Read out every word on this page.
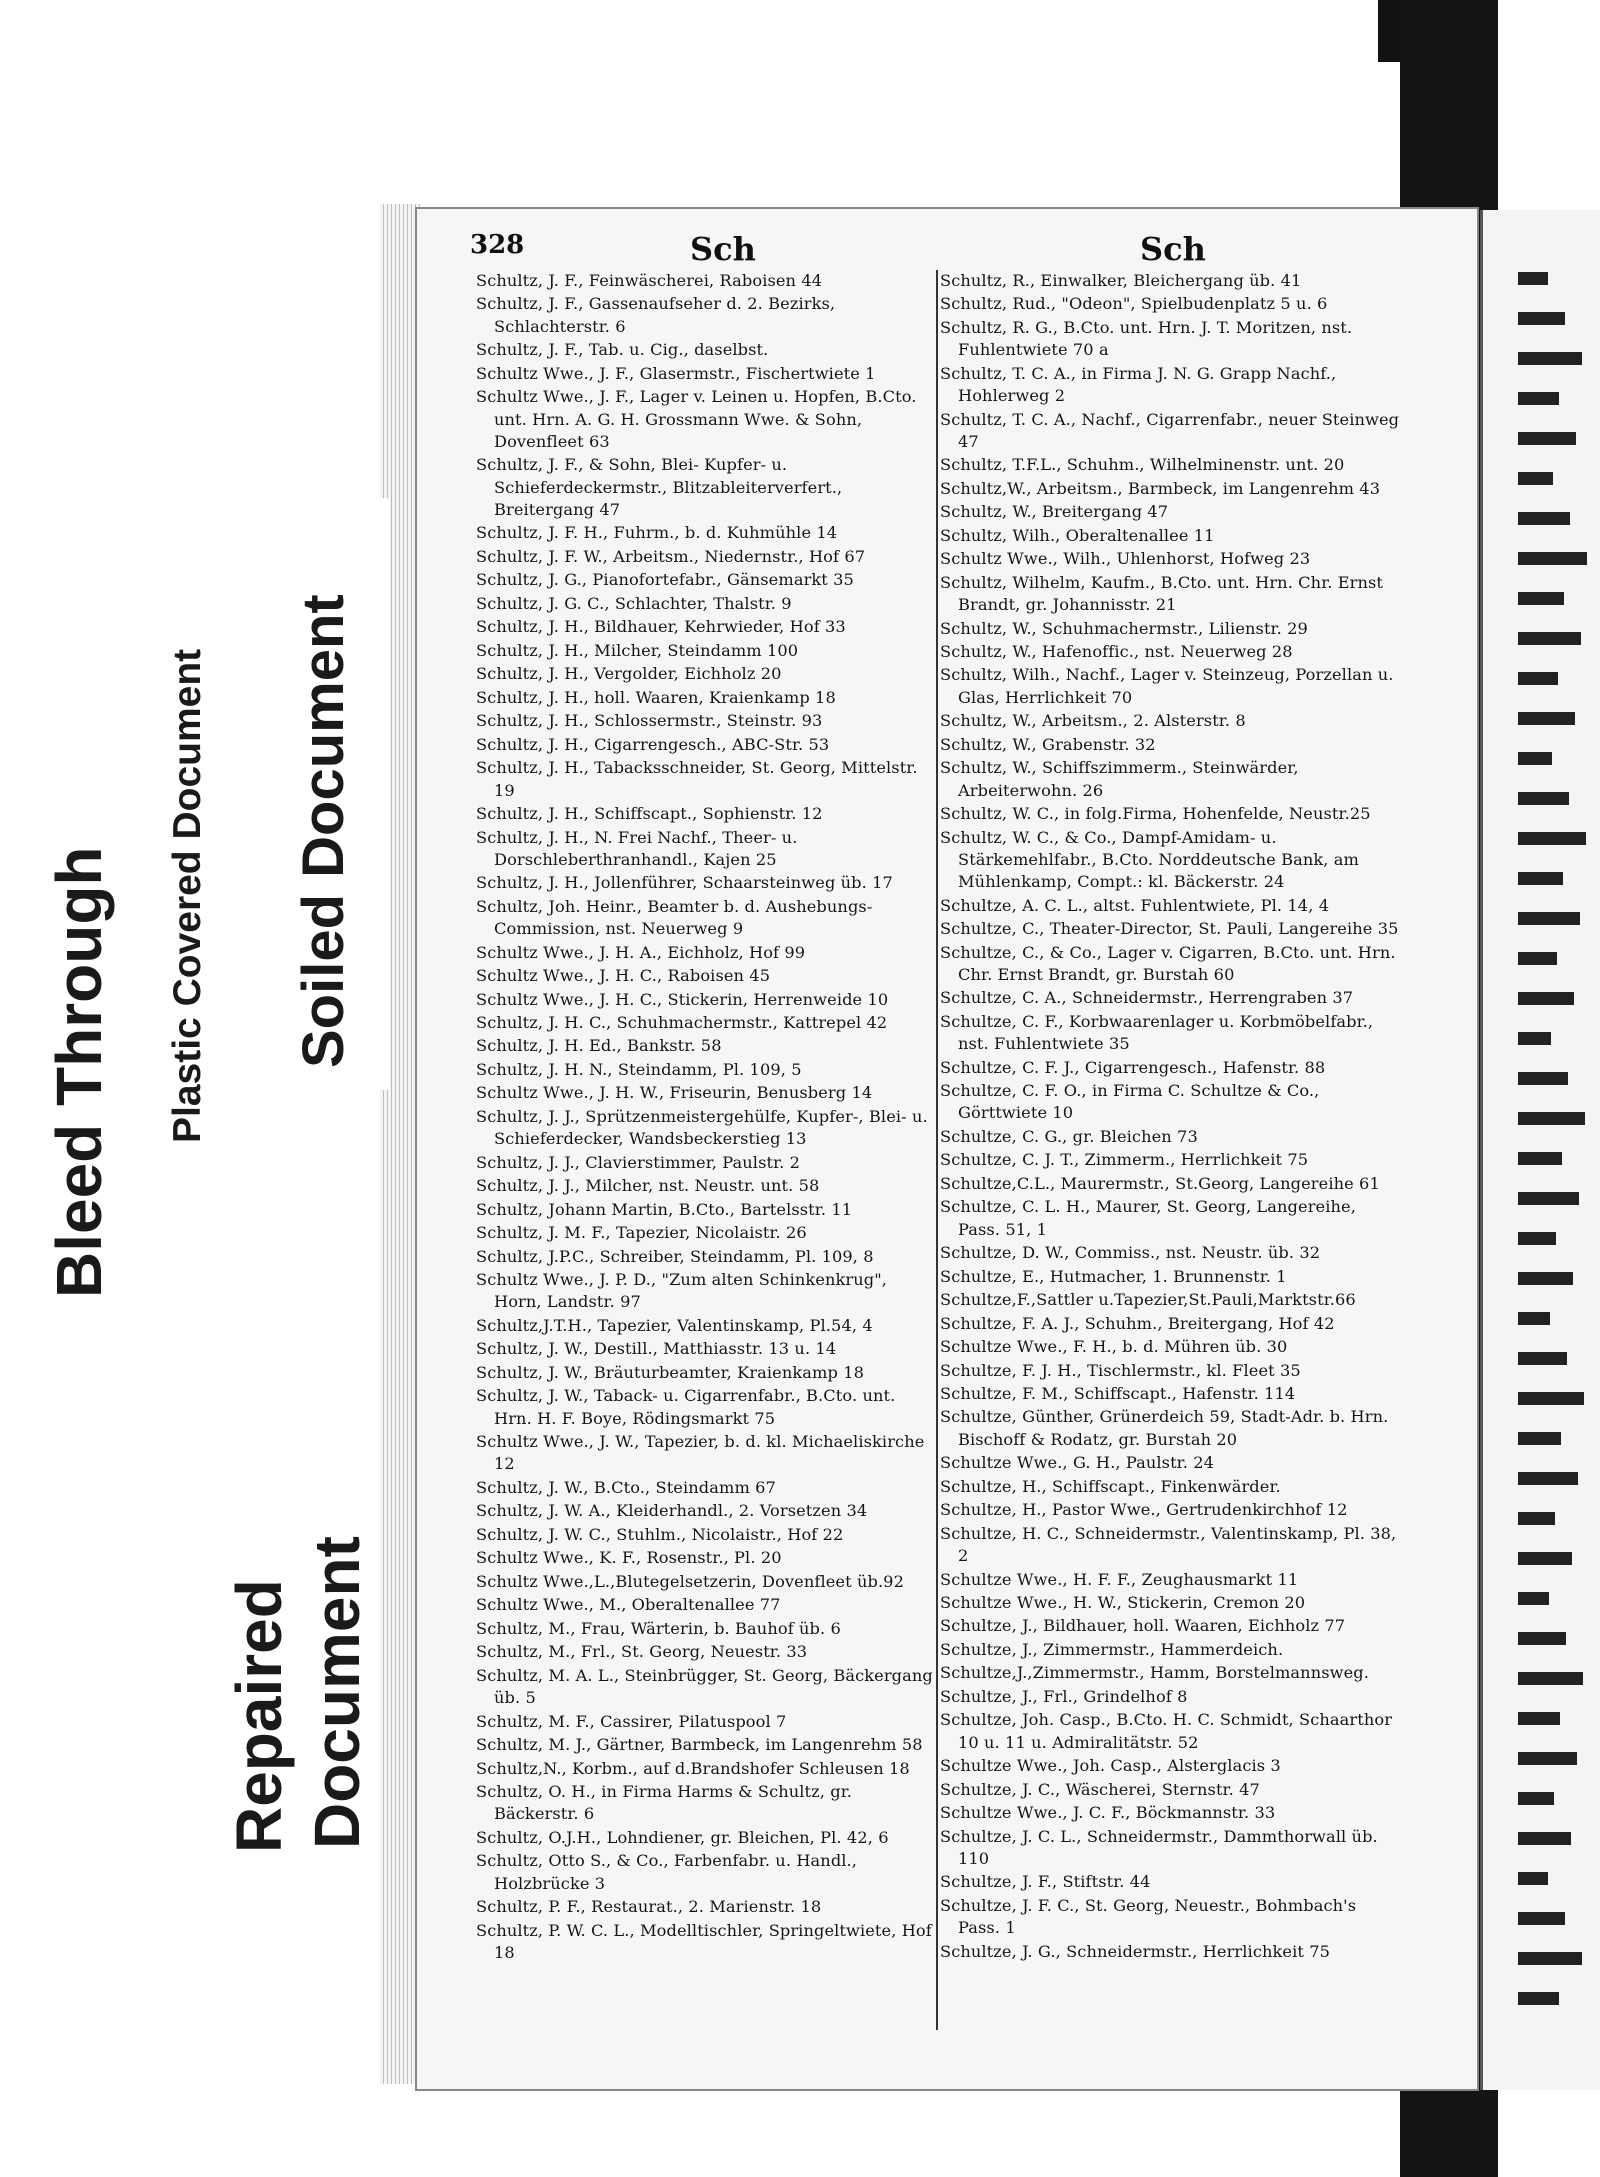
328	Sch	Sch
Schultz, J. F., Feinwäscherei, Raboisen 44
Schultz, J. F., Gassenaufseher d. 2. Bezirks, Schlachterstr. 6
Schultz, J. F., Tab. u. Cig., daselbst.
Schultz Wwe., J. F., Glasermstr., Fischertwiete 1
Schultz Wwe., J. F., Lager v. Leinen u. Hopfen, B.Cto. unt. Hrn. A. G. H. Grossmann Wwe. & Sohn, Dovenfleet 63
Schultz, J. F., & Sohn, Blei- Kupfer- u. Schieferdeckermstr., Blitzableiterverfert., Breitergang 47
Schultz, J. F. H., Fuhrm., b. d. Kuhmühle 14
Schultz, J. F. W., Arbeitsm., Niedernstr., Hof 67
Schultz, J. G., Pianofortefabr., Gänsemarkt 35
Schultz, J. G. C., Schlachter, Thalstr. 9
Schultz, J. H., Bildhauer, Kehrwieder, Hof 33
Schultz, J. H., Milcher, Steindamm 100
Schultz, J. H., Vergolder, Eichholz 20
Schultz, J. H., holl. Waaren, Kraienkamp 18
Schultz, J. H., Schlossermstr., Steinstr. 93
Schultz, J. H., Cigarrengesch., ABC-Str. 53
Schultz, J. H., Tabacksschneider, St. Georg, Mittelstr. 19
Schultz, J. H., Schiffscapt., Sophienstr. 12
Schultz, J. H., N. Frei Nachf., Theer- u. Dorschleberthranhandl., Kajen 25
Schultz, J. H., Jollenführer, Schaarsteinweg üb. 17
Schultz, Joh. Heinr., Beamter b. d. Aushebungs-Commission, nst. Neuerweg 9
Schultz Wwe., J. H. A., Eichholz, Hof 99
Schultz Wwe., J. H. C., Raboisen 45
Schultz Wwe., J. H. C., Stickerin, Herrenweide 10
Schultz, J. H. C., Schuhmachermstr., Kattrepel 42
Schultz, J. H. Ed., Bankstr. 58
Schultz, J. H. N., Steindamm, Pl. 109, 5
Schultz Wwe., J. H. W., Friseurin, Benusberg 14
Schultz, J. J., Sprützenmeistergehülfe, Kupfer-, Blei- u. Schieferdecker, Wandsbeckerstieg 13
Schultz, J. J., Clavierstimmer, Paulstr. 2
Schultz, J. J., Milcher, nst. Neustr. unt. 58
Schultz, Johann Martin, B.Cto., Bartelsstr. 11
Schultz, J. M. F., Tapezier, Nicolaistr. 26
Schultz, J.P.C., Schreiber, Steindamm, Pl. 109, 8
Schultz Wwe., J. P. D., "Zum alten Schinkenkrug", Horn, Landstr. 97
Schultz,J.T.H., Tapezier, Valentinskamp, Pl.54, 4
Schultz, J. W., Destill., Matthiasstr. 13 u. 14
Schultz, J. W., Bräuturbeamter, Kraienkamp 18
Schultz, J. W., Taback- u. Cigarrenfabr., B.Cto. unt. Hrn. H. F. Boye, Rödingsmarkt 75
Schultz Wwe., J. W., Tapezier, b. d. kl. Michaeliskirche 12
Schultz, J. W., B.Cto., Steindamm 67
Schultz, J. W. A., Kleiderhandl., 2. Vorsetzen 34
Schultz, J. W. C., Stuhlm., Nicolaistr., Hof 22
Schultz Wwe., K. F., Rosenstr., Pl. 20
Schultz Wwe.,L.,Blutegelsetzerin, Dovenfleet üb.92
Schultz Wwe., M., Oberaltenallee 77
Schultz, M., Frau, Wärterin, b. Bauhof üb. 6
Schultz, M., Frl., St. Georg, Neuestr. 33
Schultz, M. A. L., Steinbrügger, St. Georg, Bäckergang üb. 5
Schultz, M. F., Cassirer, Pilatuspool 7
Schultz, M. J., Gärtner, Barmbeck, im Langenrehm 58
Schultz,N., Korbm., auf d.Brandshofer Schleusen 18
Schultz, O. H., in Firma Harms & Schultz, gr. Bäckerstr. 6
Schultz, O.J.H., Lohndiener, gr. Bleichen, Pl. 42, 6
Schultz, Otto S., & Co., Farbenfabr. u. Handl., Holzbrücke 3
Schultz, P. F., Restaurat., 2. Marienstr. 18
Schultz, P. W. C. L., Modelltischler, Springeltwiete, Hof 18
Schultz, R., Einwalker, Bleichergang üb. 41
Schultz, Rud., "Odeon", Spielbudenplatz 5 u. 6
Schultz, R. G., B.Cto. unt. Hrn. J. T. Moritzen, nst. Fuhlentwiete 70 a
Schultz, T. C. A., in Firma J. N. G. Grapp Nachf., Hohlerweg 2
Schultz, T. C. A., Nachf., Cigarrenfabr., neuer Steinweg 47
Schultz, T.F.L., Schuhm., Wilhelminenstr. unt. 20
Schultz,W., Arbeitsm., Barmbeck, im Langenrehm 43
Schultz, W., Breitergang 47
Schultz, Wilh., Oberaltenallee 11
Schultz Wwe., Wilh., Uhlenhorst, Hofweg 23
Schultz, Wilhelm, Kaufm., B.Cto. unt. Hrn. Chr. Ernst Brandt, gr. Johannisstr. 21
Schultz, W., Schuhmachermstr., Lilienstr. 29
Schultz, W., Hafenoffic., nst. Neuerweg 28
Schultz, Wilh., Nachf., Lager v. Steinzeug, Porzellan u. Glas, Herrlichkeit 70
Schultz, W., Arbeitsm., 2. Alsterstr. 8
Schultz, W., Grabenstr. 32
Schultz, W., Schiffszimmerm., Steinwärder, Arbeiterwohn. 26
Schultz, W. C., in folg.Firma, Hohenfelde, Neustr.25
Schultz, W. C., & Co., Dampf-Amidam- u. Stärkemehlfabr., B.Cto. Norddeutsche Bank, am Mühlenkamp, Compt.: kl. Bäckerstr. 24
Schultze, A. C. L., altst. Fuhlentwiete, Pl. 14, 4
Schultze, C., Theater-Director, St. Pauli, Langereihe 35
Schultze, C., & Co., Lager v. Cigarren, B.Cto. unt. Hrn. Chr. Ernst Brandt, gr. Burstah 60
Schultze, C. A., Schneidermstr., Herrengraben 37
Schultze, C. F., Korbwaarenlager u. Korbmöbelfabr., nst. Fuhlentwiete 35
Schultze, C. F. J., Cigarrengesch., Hafenstr. 88
Schultze, C. F. O., in Firma C. Schultze & Co., Görttwiete 10
Schultze, C. G., gr. Bleichen 73
Schultze, C. J. T., Zimmerm., Herrlichkeit 75
Schultze,C.L., Maurermstr., St.Georg, Langereihe 61
Schultze, C. L. H., Maurer, St. Georg, Langereihe, Pass. 51, 1
Schultze, D. W., Commiss., nst. Neustr. üb. 32
Schultze, E., Hutmacher, 1. Brunnenstr. 1
Schultze,F.,Sattler u.Tapezier,St.Pauli,Marktstr.66
Schultze, F. A. J., Schuhm., Breitergang, Hof 42
Schultze Wwe., F. H., b. d. Mühren üb. 30
Schultze, F. J. H., Tischlermstr., kl. Fleet 35
Schultze, F. M., Schiffscapt., Hafenstr. 114
Schultze, Günther, Grünerdeich 59, Stadt-Adr. b. Hrn. Bischoff & Rodatz, gr. Burstah 20
Schultze Wwe., G. H., Paulstr. 24
Schultze, H., Schiffscapt., Finkenwärder.
Schultze, H., Pastor Wwe., Gertrudenkirchhof 12
Schultze, H. C., Schneidermstr., Valentinskamp, Pl. 38, 2
Schultze Wwe., H. F. F., Zeughausmarkt 11
Schultze Wwe., H. W., Stickerin, Cremon 20
Schultze, J., Bildhauer, holl. Waaren, Eichholz 77
Schultze, J., Zimmermstr., Hammerdeich.
Schultze,J.,Zimmermstr., Hamm, Borstelmannsweg.
Schultze, J., Frl., Grindelhof 8
Schultze, Joh. Casp., B.Cto. H. C. Schmidt, Schaarthor 10 u. 11 u. Admiralitätstr. 52
Schultze Wwe., Joh. Casp., Alsterglacis 3
Schultze, J. C., Wäscherei, Sternstr. 47
Schultze Wwe., J. C. F., Böckmannstr. 33
Schultze, J. C. L., Schneidermstr., Dammthorwall üb. 110
Schultze, J. F., Stiftstr. 44
Schultze, J. F. C., St. Georg, Neuestr., Bohmbach's Pass. 1
Schultze, J. G., Schneidermstr., Herrlichkeit 75
Soiled Document
Plastic Covered Document
Bleed Through
Repaired Document
